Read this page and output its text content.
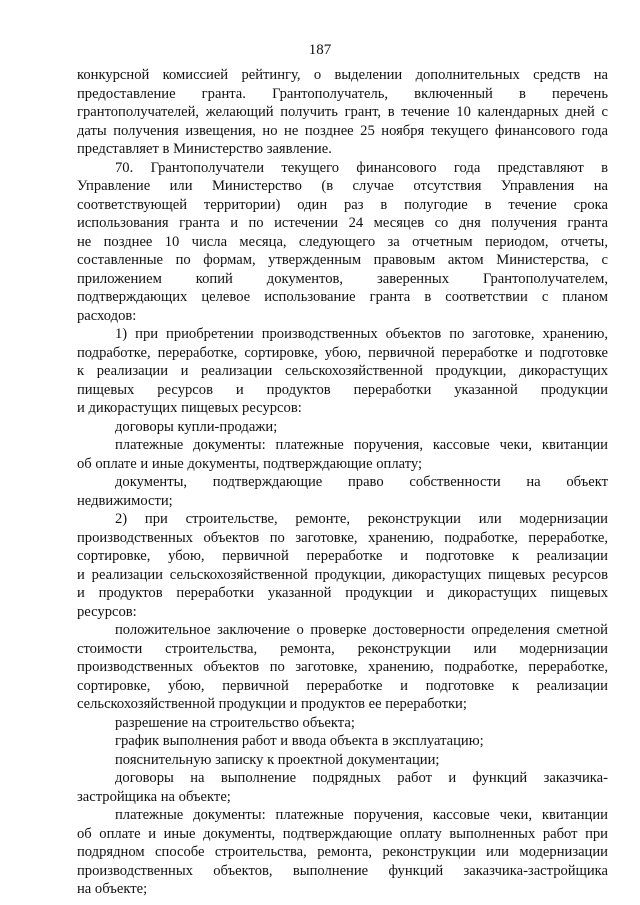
187
конкурсной комиссией рейтингу, о выделении дополнительных средств на
предоставление гранта. Грантополучатель, включенный в перечень
грантополучателей, желающий получить грант, в течение 10 календарных дней с
даты получения извещения, но не позднее 25 ноября текущего финансового года
представляет в Министерство заявление.
70. Грантополучатели текущего финансового года представляют в
Управление или Министерство (в случае отсутствия Управления на
соответствующей территории) один раз в полугодие в течение срока
использования гранта и по истечении 24 месяцев со дня получения гранта
не позднее 10 числа месяца, следующего за отчетным периодом, отчеты,
составленные по формам, утвержденным правовым актом Министерства, с
приложением копий документов, заверенных Грантополучателем,
подтверждающих целевое использование гранта в соответствии с планом
расходов:
1) при приобретении производственных объектов по заготовке, хранению,
подработке, переработке, сортировке, убою, первичной переработке и подготовке
к реализации и реализации сельскохозяйственной продукции, дикорастущих
пищевых ресурсов и продуктов переработки указанной продукции
и дикорастущих пищевых ресурсов:
договоры купли-продажи;
платежные документы: платежные поручения, кассовые чеки, квитанции
об оплате и иные документы, подтверждающие оплату;
документы, подтверждающие право собственности на объект
недвижимости;
2) при строительстве, ремонте, реконструкции или модернизации
производственных объектов по заготовке, хранению, подработке, переработке,
сортировке, убою, первичной переработке и подготовке к реализации
и реализации сельскохозяйственной продукции, дикорастущих пищевых ресурсов
и продуктов переработки указанной продукции и дикорастущих пищевых
ресурсов:
положительное заключение о проверке достоверности определения сметной
стоимости строительства, ремонта, реконструкции или модернизации
производственных объектов по заготовке, хранению, подработке, переработке,
сортировке, убою, первичной переработке и подготовке к реализации
сельскохозяйственной продукции и продуктов ее переработки;
разрешение на строительство объекта;
график выполнения работ и ввода объекта в эксплуатацию;
пояснительную записку к проектной документации;
договоры на выполнение подрядных работ и функций заказчика-
застройщика на объекте;
платежные документы: платежные поручения, кассовые чеки, квитанции
об оплате и иные документы, подтверждающие оплату выполненных работ при
подрядном способе строительства, ремонта, реконструкции или модернизации
производственных объектов, выполнение функций заказчика-застройщика
на объекте;
